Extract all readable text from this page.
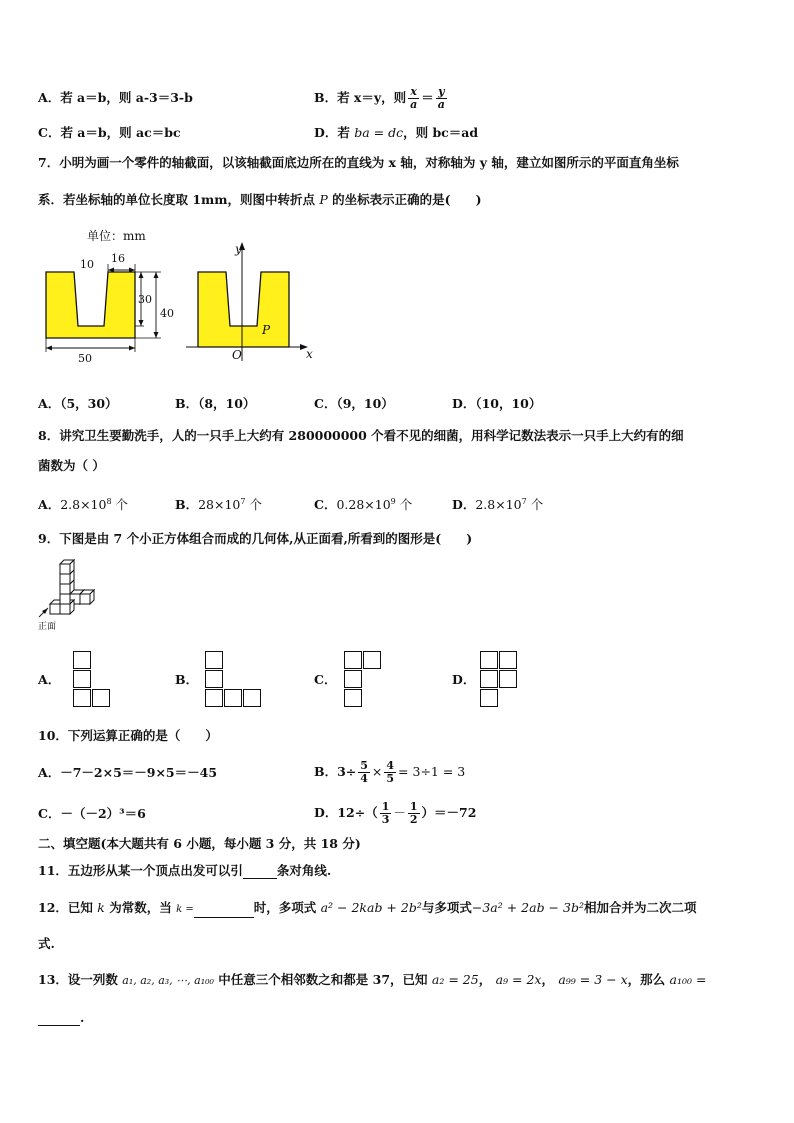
A．若 a＝b，则 a-3＝3-b	B．若 x＝y，则 $\frac{x}{a} = \frac{y}{a}$
C．若 a＝b，则 ac＝bc	D．若 ba = dc，则 bc＝ad
7．小明为画一个零件的轴截面，以该轴截面底边所在的直线为 x 轴，对称轴为 y 轴，建立如图所示的平面直角坐标
系．若坐标轴的单位长度取 1mm，则图中转折点 P 的坐标表示正确的是(　　)
单位：mm
10 16
30
40
50
y
x
O
P
A．（5，30）	B．（8，10）	C．（9，10）	D．（10，10）
8．讲究卫生要勤洗手，人的一只手上大约有 280000000 个看不见的细菌，用科学记数法表示一只手上大约有的细
菌数为（ ）
A．$2.8\times 10^8$ 个	B．$28\times 10^7$ 个	C．$0.28\times 10^9$ 个	D．$2.8\times 10^7$ 个
9．下图是由 7 个小正方体组合而成的几何体,从正面看,所看到的图形是(　　)
正面
A．	B．	C．	D．
10．下列运算正确的是（　　）
A．－7－2×5＝－9×5＝－45	B．$3\div \frac{5}{4} \times \frac{4}{5} = 3\div 1 = 3$
C．－（－2）³＝6	D．$12\div( \frac{1}{3} - \frac{1}{2} )=-72$
二、填空题(本大题共有 6 小题，每小题 3 分，共 18 分)
11．五边形从某一个顶点出发可以引	条对角线.
12．已知 k 为常数，当 k =	时，多项式 a² − 2kab + 2b²与多项式−3a² + 2ab − 3b²相加合并为二次二项
式.
13．设一列数 a₁, a₂, a₃, ⋯, a₁₀₀ 中任意三个相邻数之和都是 37，已知 a₂ = 25， a₉ = 2x， a₉₉ = 3 − x，那么 a₁₀₀ =
.
